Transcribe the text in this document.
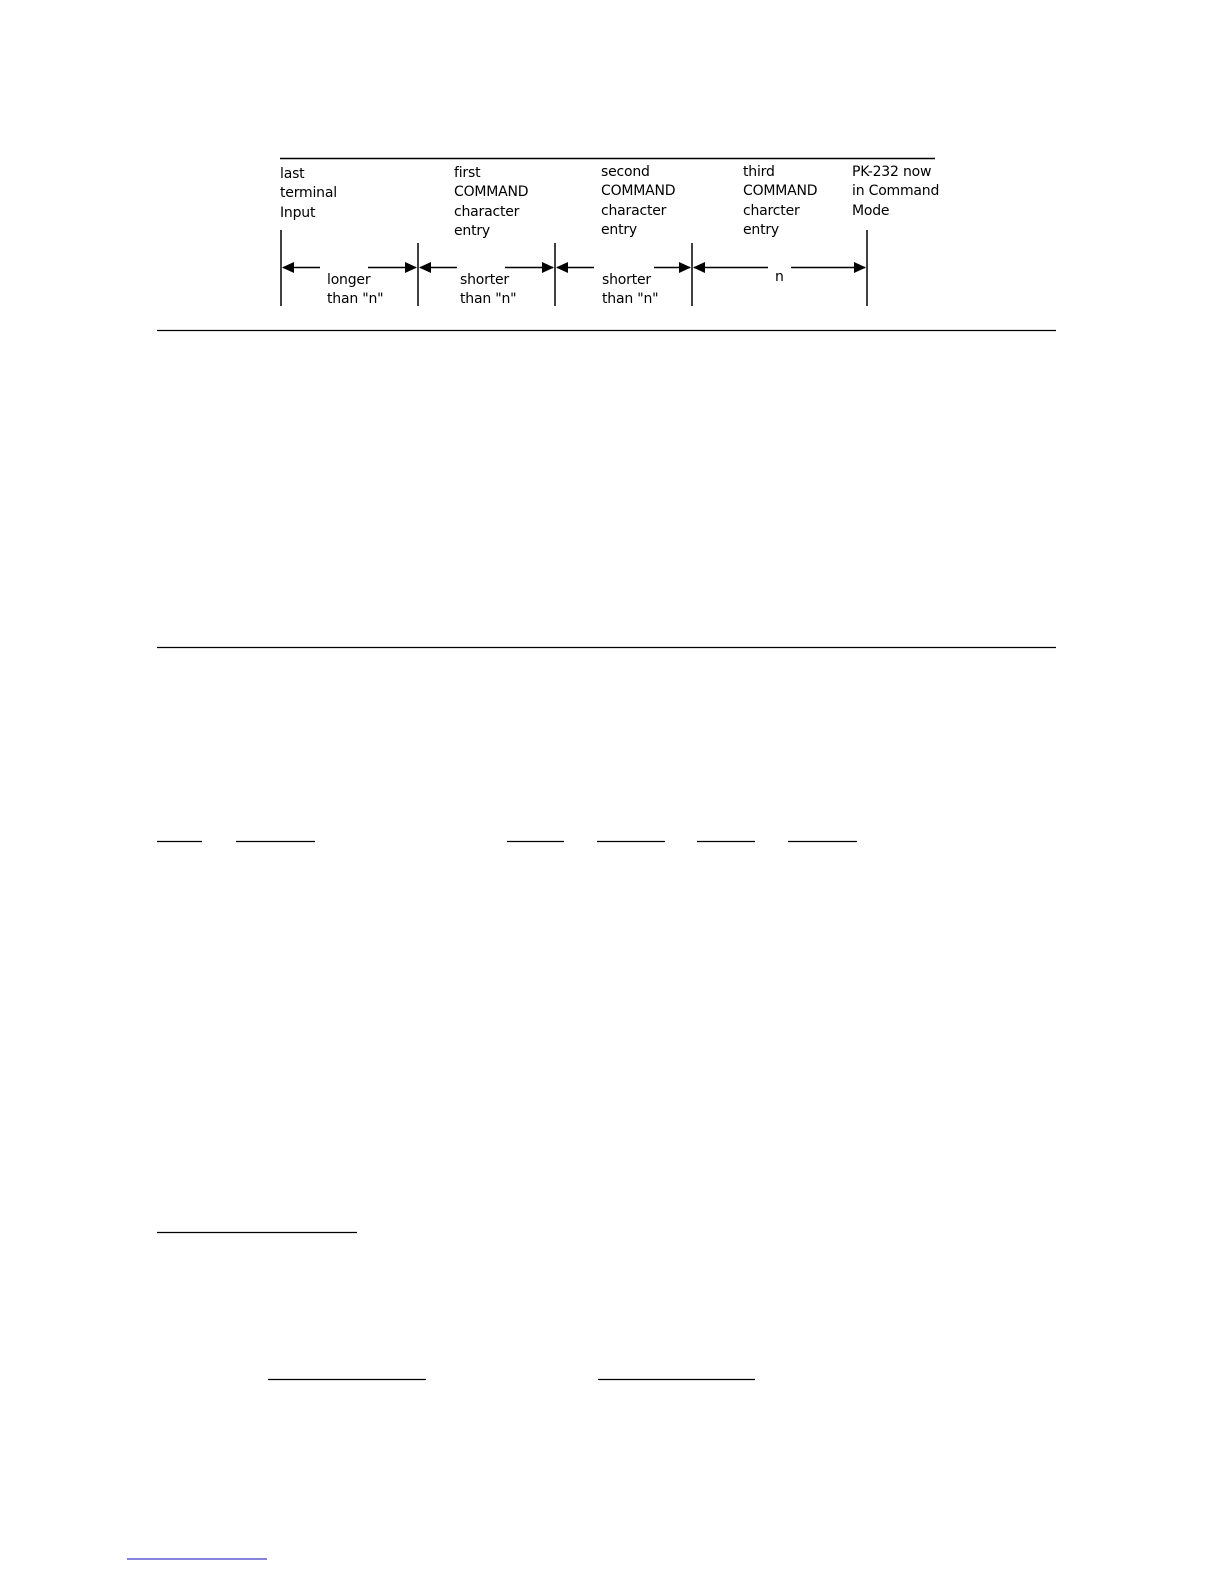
last
terminal
Input
first
COMMAND
character
entry
second
COMMAND
character
entry
third
COMMAND
charcter
entry
PK-232 now
in Command
Mode
longer
than "n"
shorter
than "n"
shorter
than "n"
n
